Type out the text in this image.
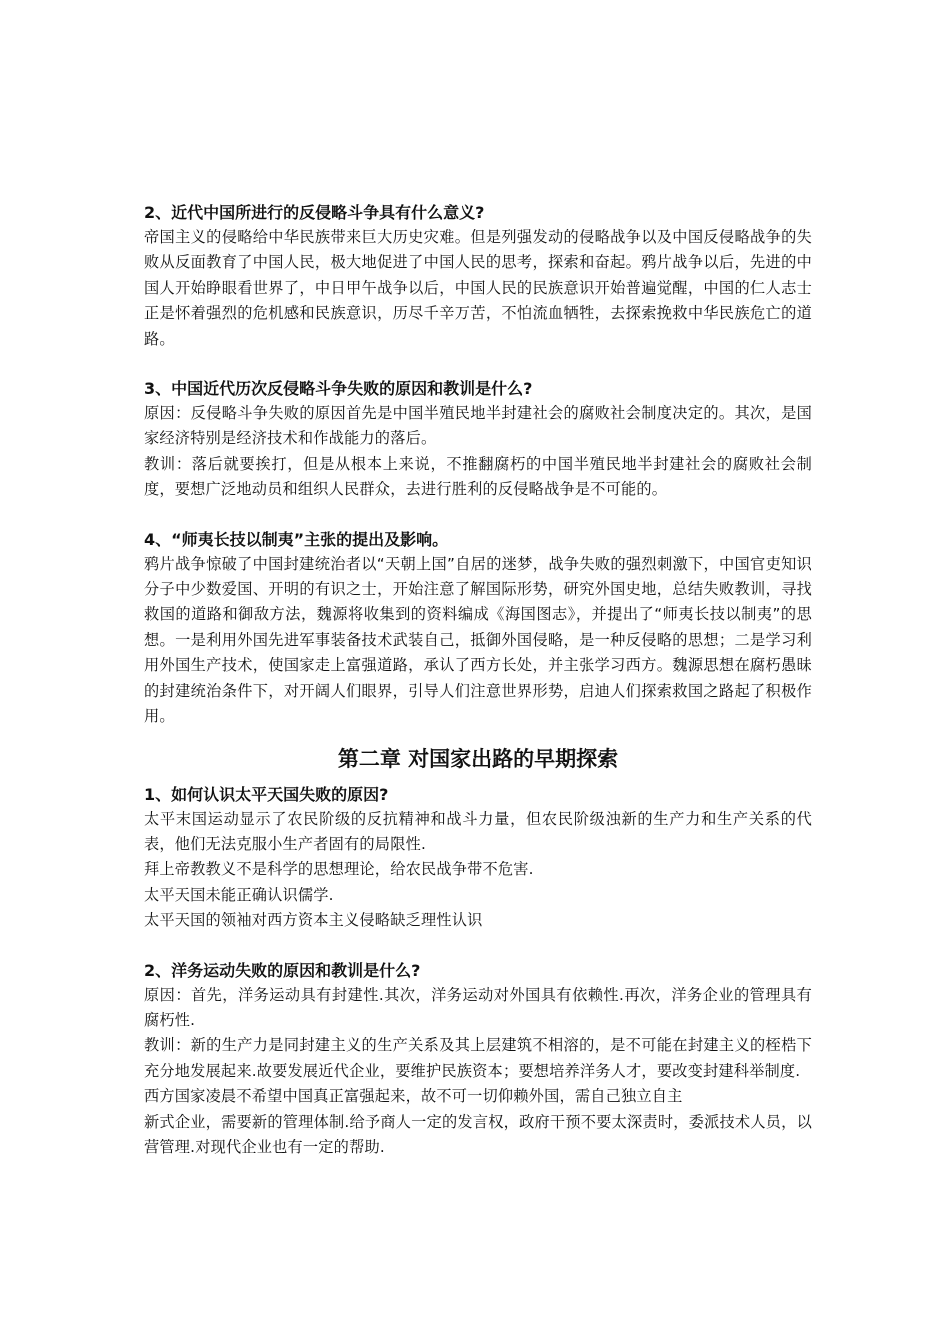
2、近代中国所进行的反侵略斗争具有什么意义?

帝国主义的侵略给中华民族带来巨大历史灾难。但是列强发动的侵略战争以及中国反侵略战争的失败从反面教育了中国人民，极大地促进了中国人民的思考，探索和奋起。鸦片战争以后，先进的中国人开始睁眼看世界了，中日甲午战争以后，中国人民的民族意识开始普遍觉醒，中国的仁人志士正是怀着强烈的危机感和民族意识，历尽千辛万苦，不怕流血牺牲，去探索挽救中华民族危亡的道路。

3、中国近代历次反侵略斗争失败的原因和教训是什么?

原因：反侵略斗争失败的原因首先是中国半殖民地半封建社会的腐败社会制度决定的。其次，是国家经济特别是经济技术和作战能力的落后。

教训：落后就要挨打，但是从根本上来说，不推翻腐朽的中国半殖民地半封建社会的腐败社会制度，要想广泛地动员和组织人民群众，去进行胜利的反侵略战争是不可能的。

4、“师夷长技以制夷”主张的提出及影响。

鸦片战争惊破了中国封建统治者以“天朝上国”自居的迷梦，战争失败的强烈刺激下，中国官吏知识分子中少数爱国、开明的有识之士，开始注意了解国际形势，研究外国史地，总结失败教训，寻找救国的道路和御敌方法，魏源将收集到的资料编成《海国图志》，并提出了“师夷长技以制夷”的思想。一是利用外国先进军事装备技术武装自己，抵御外国侵略，是一种反侵略的思想；二是学习利用外国生产技术，使国家走上富强道路，承认了西方长处，并主张学习西方。魏源思想在腐朽愚昧的封建统治条件下，对开阔人们眼界，引导人们注意世界形势，启迪人们探索救国之路起了积极作用。

第二章 对国家出路的早期探索

1、如何认识太平天国失败的原因?

太平末国运动显示了农民阶级的反抗精神和战斗力量，但农民阶级浊新的生产力和生产关系的代表，他们无法克服小生产者固有的局限性.

拜上帝教教义不是科学的思想理论，给农民战争带不危害.

太平天国未能正确认识儒学.

太平天国的领袖对西方资本主义侵略缺乏理性认识

2、洋务运动失败的原因和教训是什么?

原因：首先，洋务运动具有封建性.其次，洋务运动对外国具有依赖性.再次，洋务企业的管理具有腐朽性.

教训：新的生产力是同封建主义的生产关系及其上层建筑不相溶的，是不可能在封建主义的桎梏下充分地发展起来.故要发展近代企业，要维护民族资本；要想培养洋务人才，要改变封建科举制度.

西方国家凌晨不希望中国真正富强起来，故不可一切仰赖外国，需自己独立自主

新式企业，需要新的管理体制.给予商人一定的发言权，政府干预不要太深责时，委派技术人员，以营管理.对现代企业也有一定的帮助.
